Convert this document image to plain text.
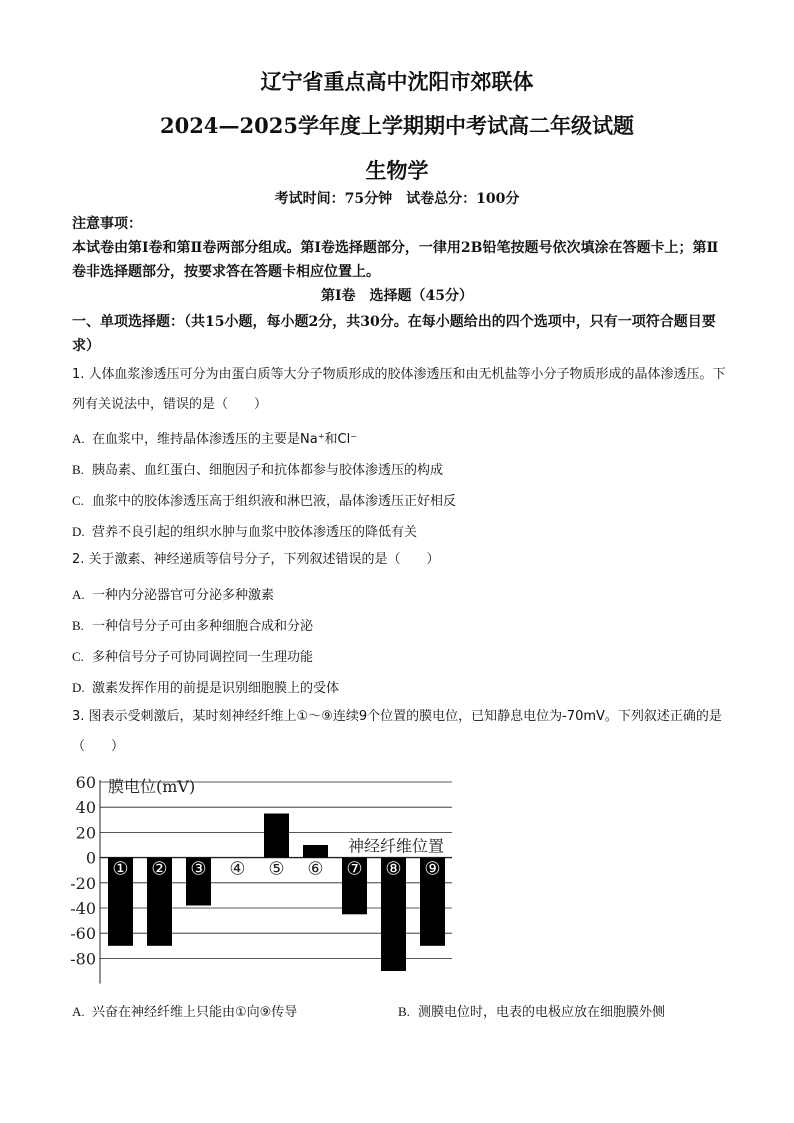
辽宁省重点高中沈阳市郊联体
2024—2025学年度上学期期中考试高二年级试题
生物学
考试时间：75分钟　试卷总分：100分
注意事项：
本试卷由第Ⅰ卷和第Ⅱ卷两部分组成。第Ⅰ卷选择题部分，一律用2B铅笔按题号依次填涂在答题卡上；第Ⅱ卷非选择题部分，按要求答在答题卡相应位置上。
第Ⅰ卷　选择题（45分）
一、单项选择题：（共15小题，每小题2分，共30分。在每小题给出的四个选项中，只有一项符合题目要求）
1. 人体血浆渗透压可分为由蛋白质等大分子物质形成的胶体渗透压和由无机盐等小分子物质形成的晶体渗透压。下列有关说法中，错误的是（　　）
A. 在血浆中，维持晶体渗透压的主要是Na⁺和Cl⁻
B. 胰岛素、血红蛋白、细胞因子和抗体都参与胶体渗透压的构成
C. 血浆中的胶体渗透压高于组织液和淋巴液，晶体渗透压正好相反
D. 营养不良引起的组织水肿与血浆中胶体渗透压的降低有关
2. 关于激素、神经递质等信号分子，下列叙述错误的是（　　）
A. 一种内分泌器官可分泌多种激素
B. 一种信号分子可由多种细胞合成和分泌
C. 多种信号分子可协同调控同一生理功能
D. 激素发挥作用的前提是识别细胞膜上的受体
3. 图表示受刺激后，某时刻神经纤维上①～⑨连续9个位置的膜电位，已知静息电位为-70mV。下列叙述正确的是（　　）
60
40
20
0
-20
-40
-60
-80
膜电位(mV)
神经纤维位置
① ② ③ ④ ⑤ ⑥ ⑦ ⑧ ⑨
A. 兴奋在神经纤维上只能由①向⑨传导	B. 测膜电位时，电表的电极应放在细胞膜外侧
